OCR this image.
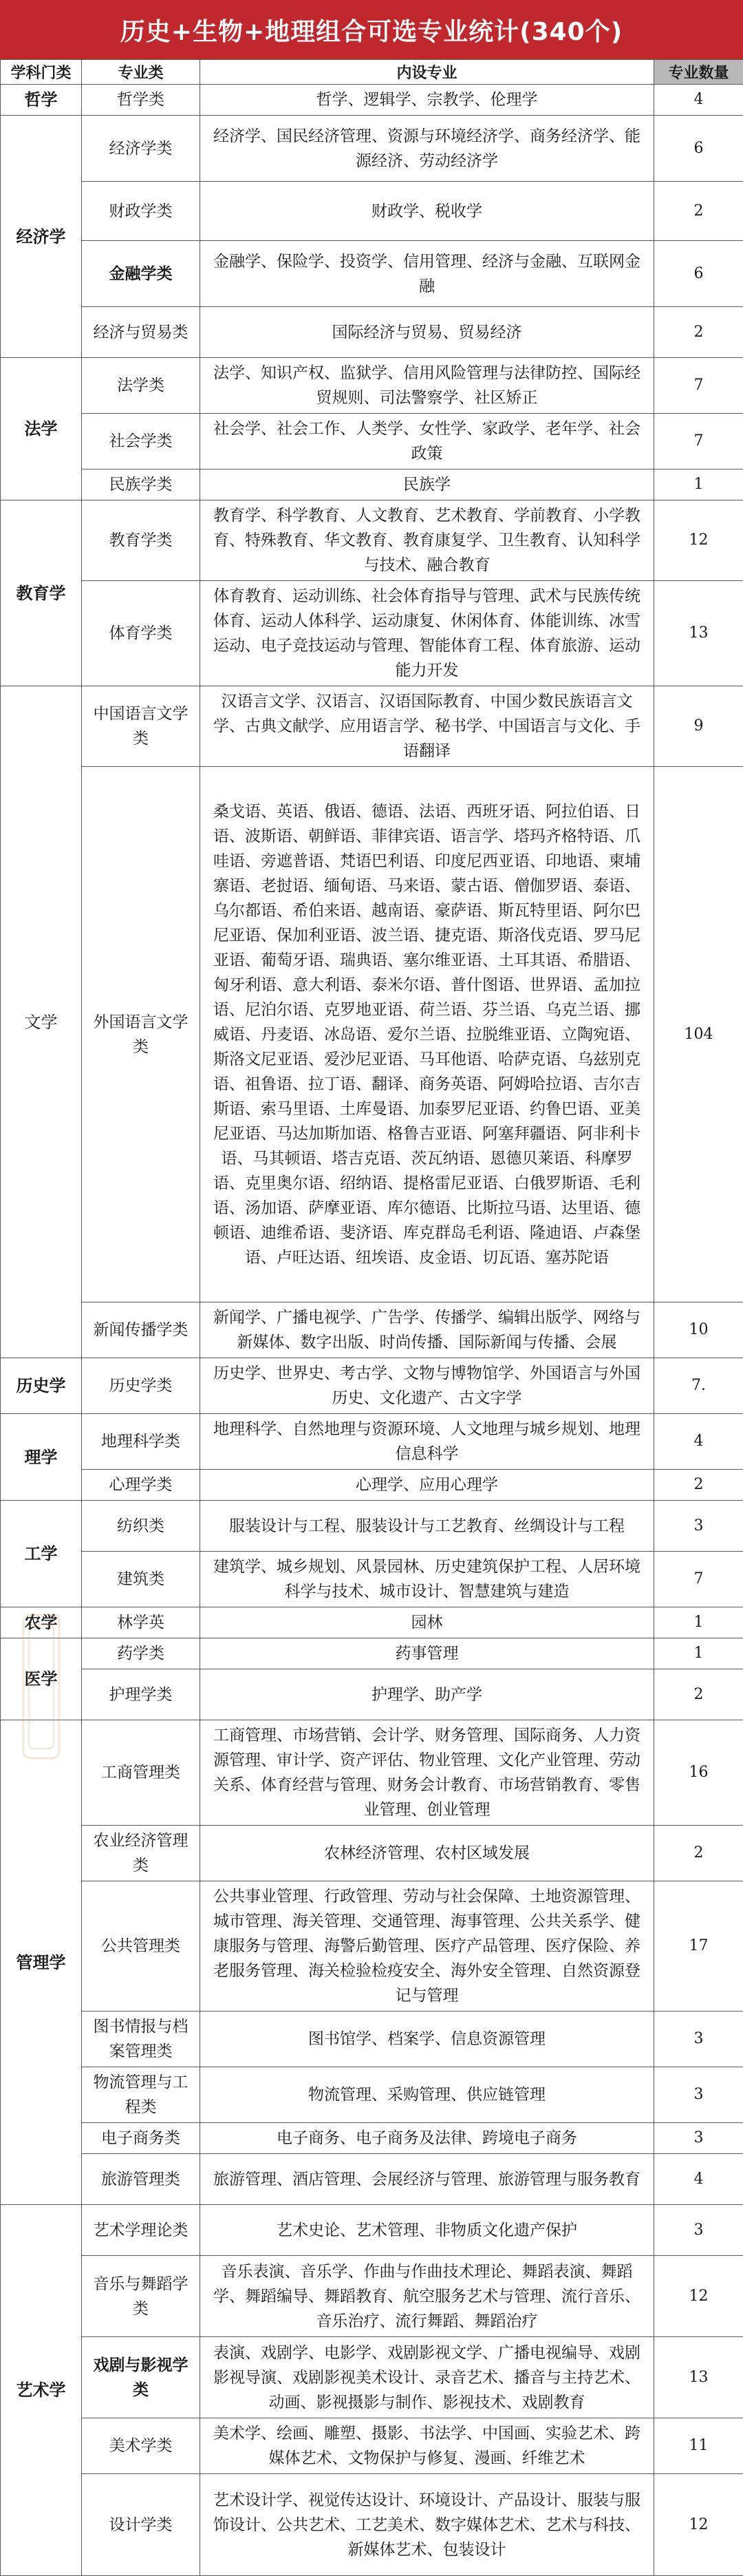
历史+生物+地理组合可选专业统计(340个)
学科门类	专业类	内设专业	专业数量
哲学	哲学类	哲学、逻辑学、宗教学、伦理学	4
经济学	经济学类	经济学、国民经济管理、资源与环境经济学、商务经济学、能源经济、劳动经济学	6
	财政学类	财政学、税收学	2
	金融学类	金融学、保险学、投资学、信用管理、经济与金融、互联网金融	6
	经济与贸易类	国际经济与贸易、贸易经济	2
法学	法学类	法学、知识产权、监狱学、信用风险管理与法律防控、国际经贸规则、司法警察学、社区矫正	7
	社会学类	社会学、社会工作、人类学、女性学、家政学、老年学、社会政策	7
	民族学类	民族学	1
教育学	教育学类	教育学、科学教育、人文教育、艺术教育、学前教育、小学教育、特殊教育、华文教育、教育康复学、卫生教育、认知科学与技术、融合教育	12
	体育学类	体育教育、运动训练、社会体育指导与管理、武术与民族传统体育、运动人体科学、运动康复、休闲体育、体能训练、冰雪运动、电子竞技运动与管理、智能体育工程、体育旅游、运动能力开发	13
文学	中国语言文学类	汉语言文学、汉语言、汉语国际教育、中国少数民族语言文学、古典文献学、应用语言学、秘书学、中国语言与文化、手语翻译	9
	外国语言文学类	桑戈语、英语、俄语、德语、法语、西班牙语、阿拉伯语、日语、波斯语、朝鲜语、菲律宾语、语言学、塔玛齐格特语、爪哇语、旁遮普语、梵语巴利语、印度尼西亚语、印地语、柬埔寨语、老挝语、缅甸语、马来语、蒙古语、僧伽罗语、泰语、乌尔都语、希伯来语、越南语、豪萨语、斯瓦特里语、阿尔巴尼亚语、保加利亚语、波兰语、捷克语、斯洛伐克语、罗马尼亚语、葡萄牙语、瑞典语、塞尔维亚语、土耳其语、希腊语、匈牙利语、意大利语、泰米尔语、普什图语、世界语、孟加拉语、尼泊尔语、克罗地亚语、荷兰语、芬兰语、乌克兰语、挪威语、丹麦语、冰岛语、爱尔兰语、拉脱维亚语、立陶宛语、斯洛文尼亚语、爱沙尼亚语、马耳他语、哈萨克语、乌兹别克语、祖鲁语、拉丁语、翻译、商务英语、阿姆哈拉语、吉尔吉斯语、索马里语、土库曼语、加泰罗尼亚语、约鲁巴语、亚美尼亚语、马达加斯加语、格鲁吉亚语、阿塞拜疆语、阿非利卡语、马其顿语、塔吉克语、茨瓦纳语、恩德贝莱语、科摩罗语、克里奥尔语、绍纳语、提格雷尼亚语、白俄罗斯语、毛利语、汤加语、萨摩亚语、库尔德语、比斯拉马语、达里语、德顿语、迪维希语、斐济语、库克群岛毛利语、隆迪语、卢森堡语、卢旺达语、纽埃语、皮金语、切瓦语、塞苏陀语	104
	新闻传播学类	新闻学、广播电视学、广告学、传播学、编辑出版学、网络与新媒体、数字出版、时尚传播、国际新闻与传播、会展	10
历史学	历史学类	历史学、世界史、考古学、文物与博物馆学、外国语言与外国历史、文化遗产、古文字学	7.
理学	地理科学类	地理科学、自然地理与资源环境、人文地理与城乡规划、地理信息科学	4
	心理学类	心理学、应用心理学	2
工学	纺织类	服装设计与工程、服装设计与工艺教育、丝绸设计与工程	3
	建筑类	建筑学、城乡规划、风景园林、历史建筑保护工程、人居环境科学与技术、城市设计、智慧建筑与建造	7
农学	林学英	园林	1
医学	药学类	药事管理	1
	护理学类	护理学、助产学	2
管理学	工商管理类	工商管理、市场营销、会计学、财务管理、国际商务、人力资源管理、审计学、资产评估、物业管理、文化产业管理、劳动关系、体育经营与管理、财务会计教育、市场营销教育、零售业管理、创业管理	16
	农业经济管理类	农林经济管理、农村区域发展	2
	公共管理类	公共事业管理、行政管理、劳动与社会保障、土地资源管理、城市管理、海关管理、交通管理、海事管理、公共关系学、健康服务与管理、海警后勤管理、医疗产品管理、医疗保险、养老服务管理、海关检验检疫安全、海外安全管理、自然资源登记与管理	17
	图书情报与档案管理类	图书馆学、档案学、信息资源管理	3
	物流管理与工程类	物流管理、采购管理、供应链管理	3
	电子商务类	电子商务、电子商务及法律、跨境电子商务	3
	旅游管理类	旅游管理、酒店管理、会展经济与管理、旅游管理与服务教育	4
艺术学	艺术学理论类	艺术史论、艺术管理、非物质文化遗产保护	3
	音乐与舞蹈学类	音乐表演、音乐学、作曲与作曲技术理论、舞蹈表演、舞蹈学、舞蹈编导、舞蹈教育、航空服务艺术与管理、流行音乐、音乐治疗、流行舞蹈、舞蹈治疗	12
	戏剧与影视学类	表演、戏剧学、电影学、戏剧影视文学、广播电视编导、戏剧影视导演、戏剧影视美术设计、录音艺术、播音与主持艺术、动画、影视摄影与制作、影视技术、戏剧教育	13
	美术学类	美术学、绘画、雕塑、摄影、书法学、中国画、实验艺术、跨媒体艺术、文物保护与修复、漫画、纤维艺术	11
	设计学类	艺术设计学、视觉传达设计、环境设计、产品设计、服装与服饰设计、公共艺术、工艺美术、数字媒体艺术、艺术与科技、新媒体艺术、包装设计	12
